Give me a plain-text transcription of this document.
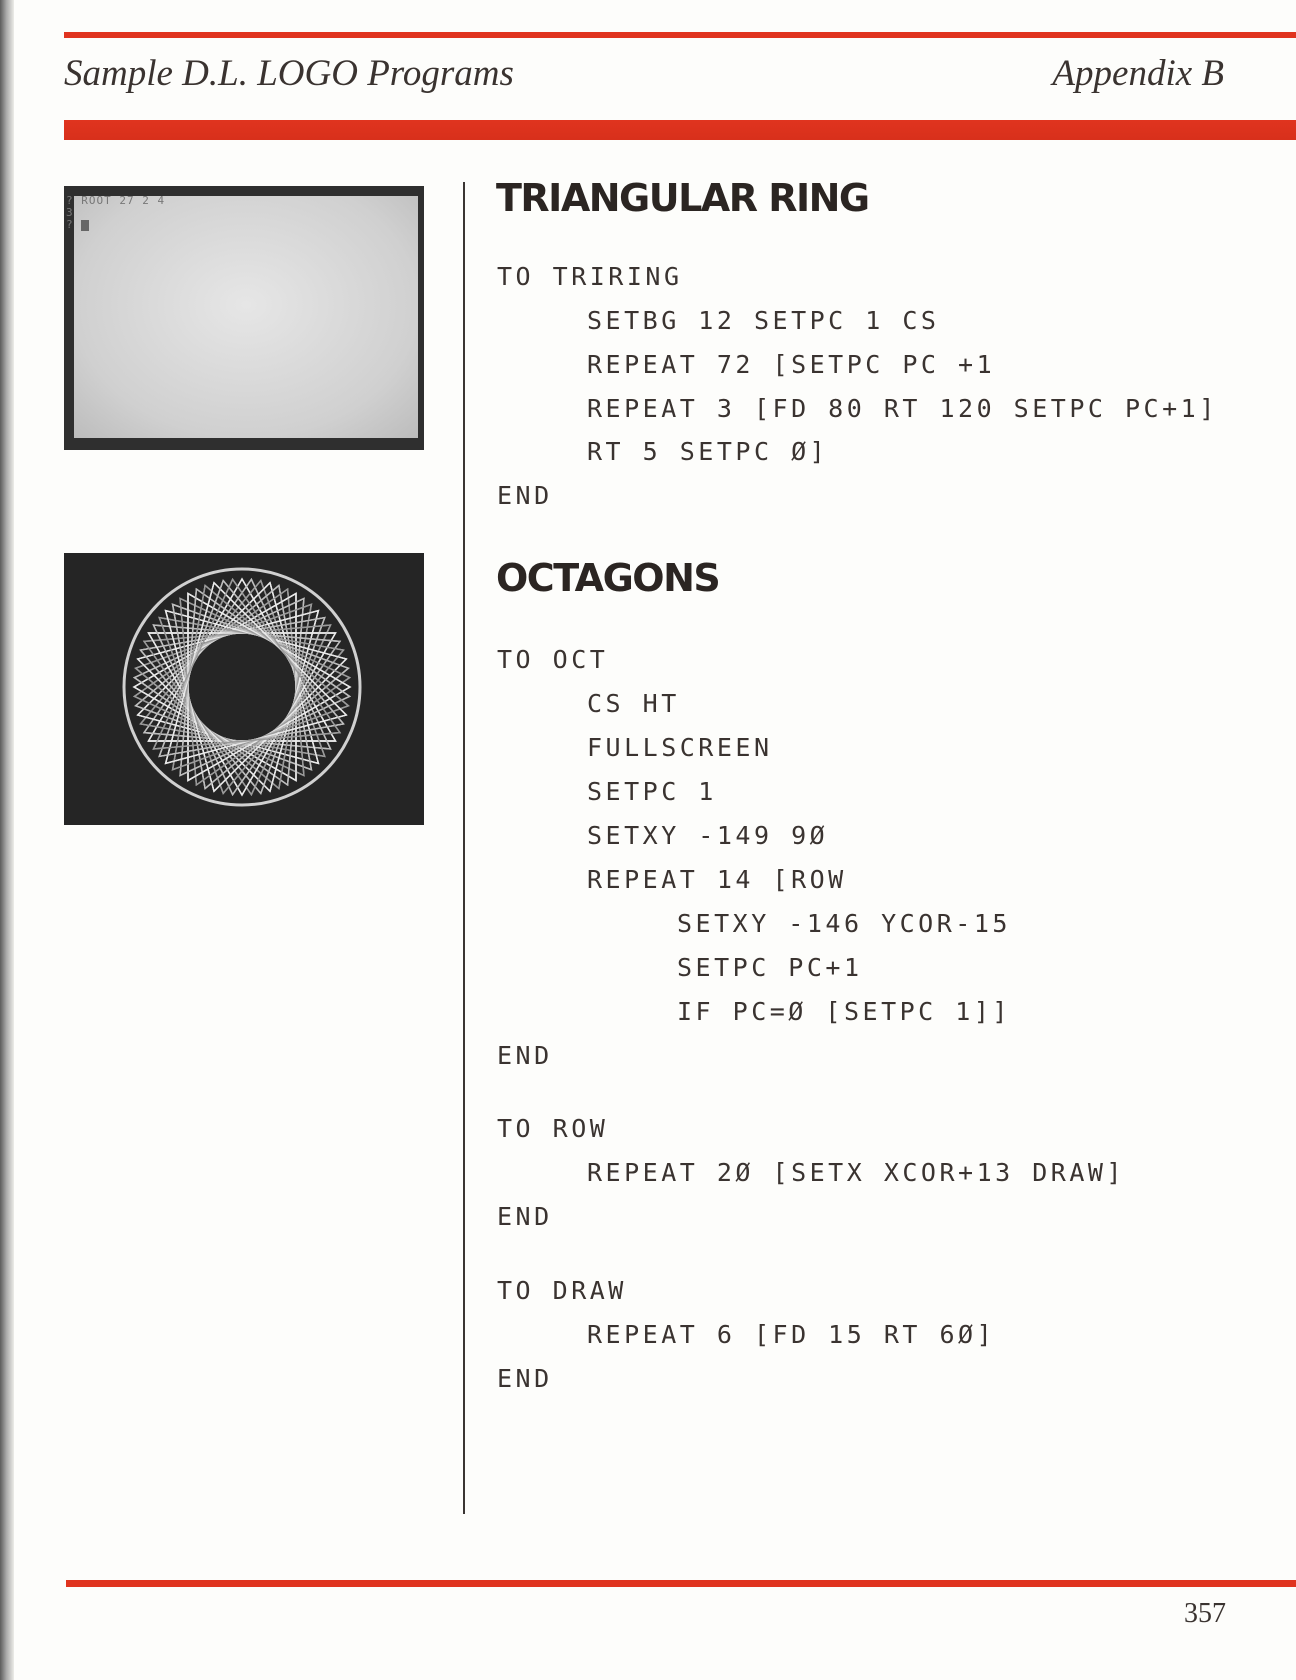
Sample D.L. LOGO Programs	Appendix B
? ROOT 27 2 4
3
?
TRIANGULAR RING
TO TRIRING
SETBG 12 SETPC 1 CS
REPEAT 72 [SETPC PC +1
REPEAT 3 [FD 80 RT 120 SETPC PC+1]
RT 5 SETPC Ø]
END
OCTAGONS
TO OCT
CS HT
FULLSCREEN
SETPC 1
SETXY -149 9Ø
REPEAT 14 [ROW
SETXY -146 YCOR-15
SETPC PC+1
IF PC=Ø [SETPC 1]]
END
TO ROW
REPEAT 2Ø [SETX XCOR+13 DRAW]
END
TO DRAW
REPEAT 6 [FD 15 RT 6Ø]
END
357
